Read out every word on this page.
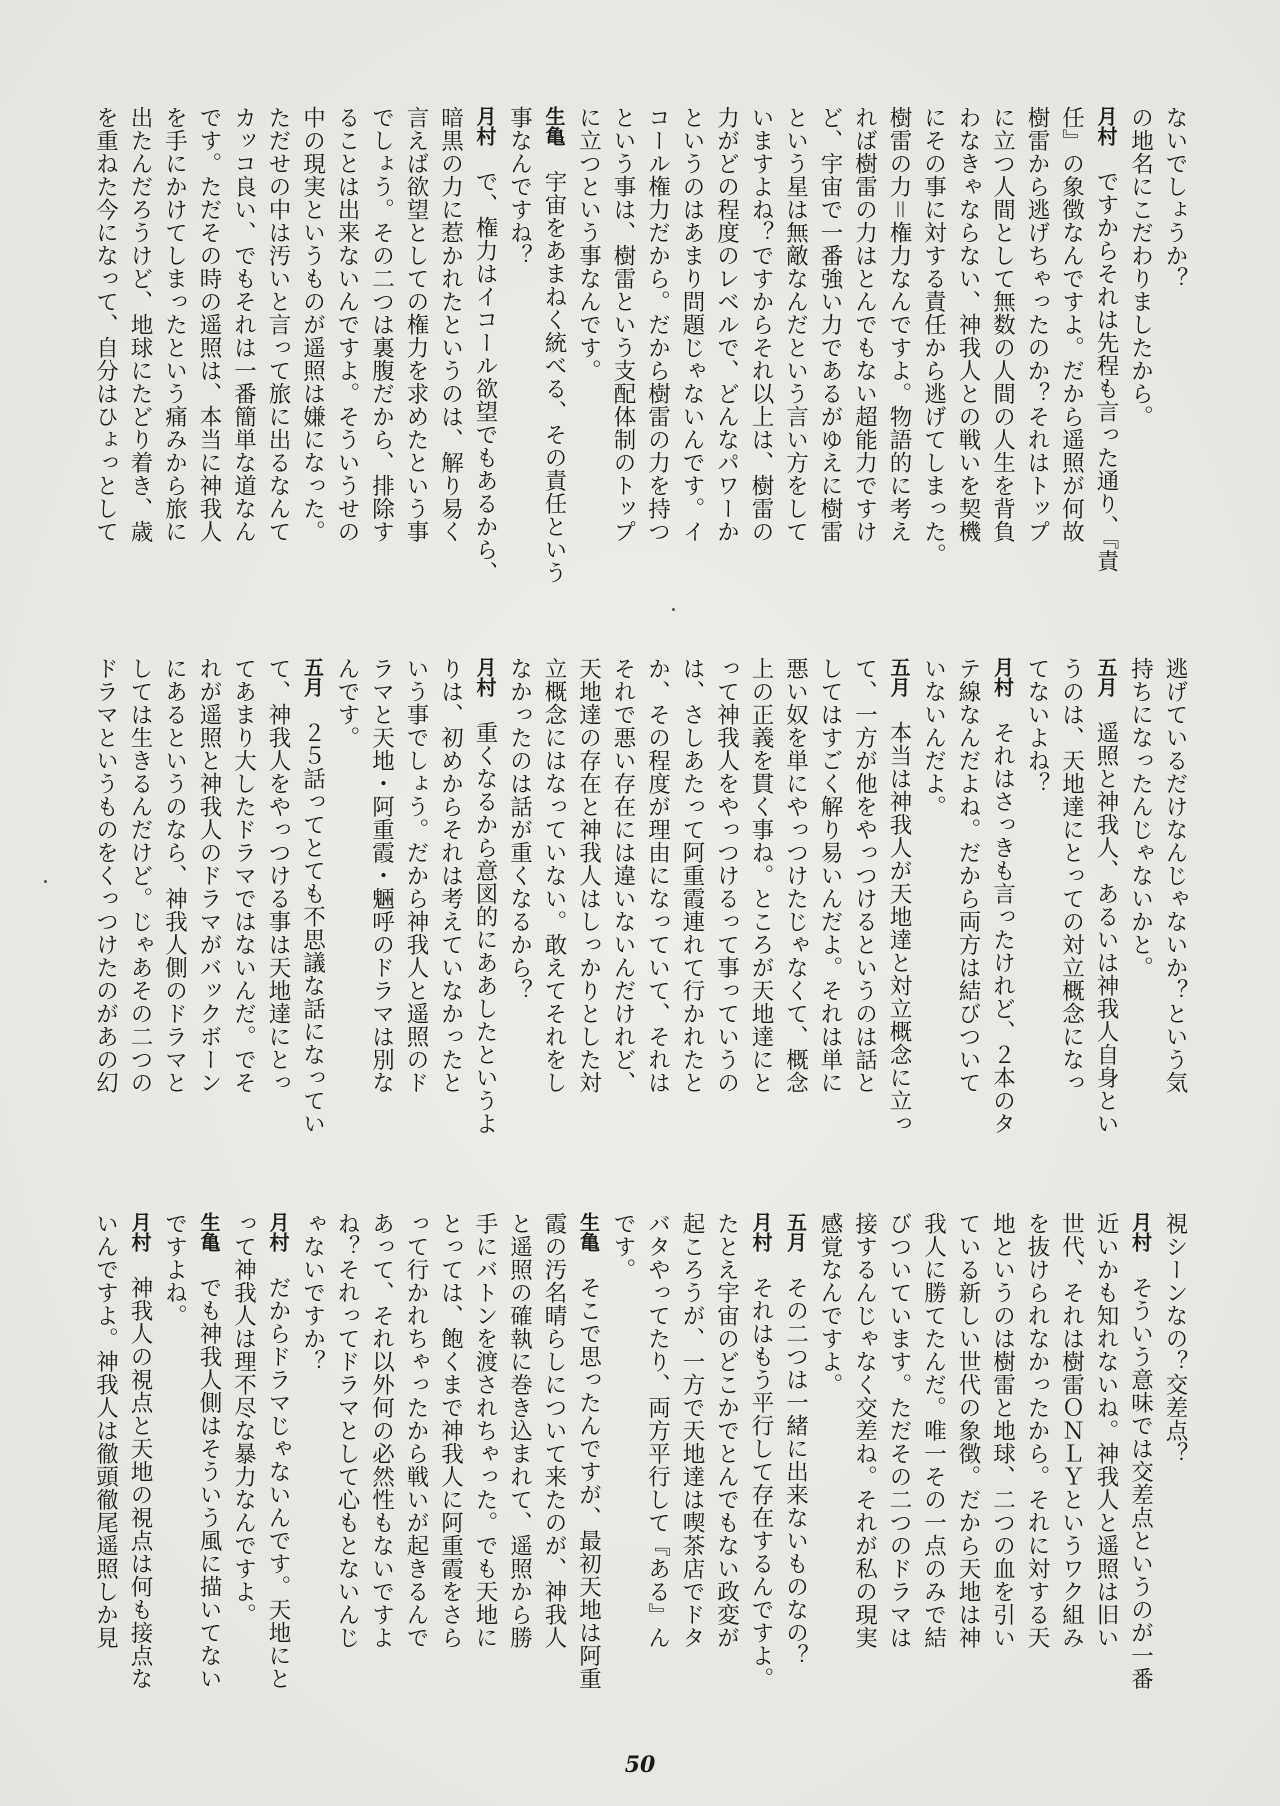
ないでしょうか？
の地名にこだわりましたから。
月村ですからそれは先程も言った通り、『責
任』の象徴なんですよ。だから遥照が何故
樹雷から逃げちゃったのか？それはトップ
に立つ人間として無数の人間の人生を背負
わなきゃならない、神我人との戦いを契機
にその事に対する責任から逃げてしまった。
樹雷の力＝権力なんですよ。物語的に考え
れば樹雷の力はとんでもない超能力ですけ
ど、宇宙で一番強い力であるがゆえに樹雷
という星は無敵なんだという言い方をして
いますよね？ですからそれ以上は、樹雷の
力がどの程度のレベルで、どんなパワーか
というのはあまり問題じゃないんです。イ
コール権力だから。だから樹雷の力を持つ
という事は、樹雷という支配体制のトップ
に立つという事なんです。
生亀宇宙をあまねく統べる、その責任という
事なんですね？
月村で、権力はイコール欲望でもあるから、
暗黒の力に惹かれたというのは、解り易く
言えば欲望としての権力を求めたという事
でしょう。その二つは裏腹だから、排除す
ることは出来ないんですよ。そういうせの
中の現実というものが遥照は嫌になった。
ただせの中は汚いと言って旅に出るなんて
カッコ良い、でもそれは一番簡単な道なん
です。ただその時の遥照は、本当に神我人
を手にかけてしまったという痛みから旅に
出たんだろうけど、地球にたどり着き、歳
を重ねた今になって、自分はひょっとして
逃げているだけなんじゃないか？という気
持ちになったんじゃないかと。
五月遥照と神我人、あるいは神我人自身とい
うのは、天地達にとっての対立概念になっ
てないよね？
月村それはさっきも言ったけれど、２本のタ
テ線なんだよね。だから両方は結びついて
いないんだよ。
五月本当は神我人が天地達と対立概念に立っ
て、一方が他をやっつけるというのは話と
してはすごく解り易いんだよ。それは単に
悪い奴を単にやっつけたじゃなくて、概念
上の正義を貫く事ね。ところが天地達にと
って神我人をやっつけるって事っていうの
は、さしあたって阿重霞連れて行かれたと
か、その程度が理由になっていて、それは
それで悪い存在には違いないんだけれど、
天地達の存在と神我人はしっかりとした対
立概念にはなっていない。敢えてそれをし
なかったのは話が重くなるから？
月村重くなるから意図的にああしたというよ
りは、初めからそれは考えていなかったと
いう事でしょう。だから神我人と遥照のド
ラマと天地・阿重霞・魎呼のドラマは別な
んです。
五月２５話ってとても不思議な話になってい
て、神我人をやっつける事は天地達にとっ
てあまり大したドラマではないんだ。でそ
れが遥照と神我人のドラマがバックボーン
にあるというのなら、神我人側のドラマと
しては生きるんだけど。じゃあその二つの
ドラマというものをくっつけたのがあの幻
視シーンなの？交差点？
月村そういう意味では交差点というのが一番
近いかも知れないね。神我人と遥照は旧い
世代、それは樹雷ＯＮＬＹというワク組み
を抜けられなかったから。それに対する天
地というのは樹雷と地球、二つの血を引い
ている新しい世代の象徴。だから天地は神
我人に勝てたんだ。唯一その一点のみで結
びついています。ただその二つのドラマは
接するんじゃなく交差ね。それが私の現実
感覚なんですよ。
五月その二つは一緒に出来ないものなの？
月村それはもう平行して存在するんですよ。
たとえ宇宙のどこかでとんでもない政変が
起ころうが、一方で天地達は喫茶店でドタ
バタやってたり、両方平行して『ある』ん
です。
生亀そこで思ったんですが、最初天地は阿重
霞の汚名晴らしについて来たのが、神我人
と遥照の確執に巻き込まれて、遥照から勝
手にバトンを渡されちゃった。でも天地に
とっては、飽くまで神我人に阿重霞をさら
って行かれちゃったから戦いが起きるんで
あって、それ以外何の必然性もないですよ
ね？それってドラマとして心もとないんじ
ゃないですか？
月村だからドラマじゃないんです。天地にと
って神我人は理不尽な暴力なんですよ。
生亀でも神我人側はそういう風に描いてない
ですよね。
月村神我人の視点と天地の視点は何も接点な
いんですよ。神我人は徹頭徹尾遥照しか見
50
